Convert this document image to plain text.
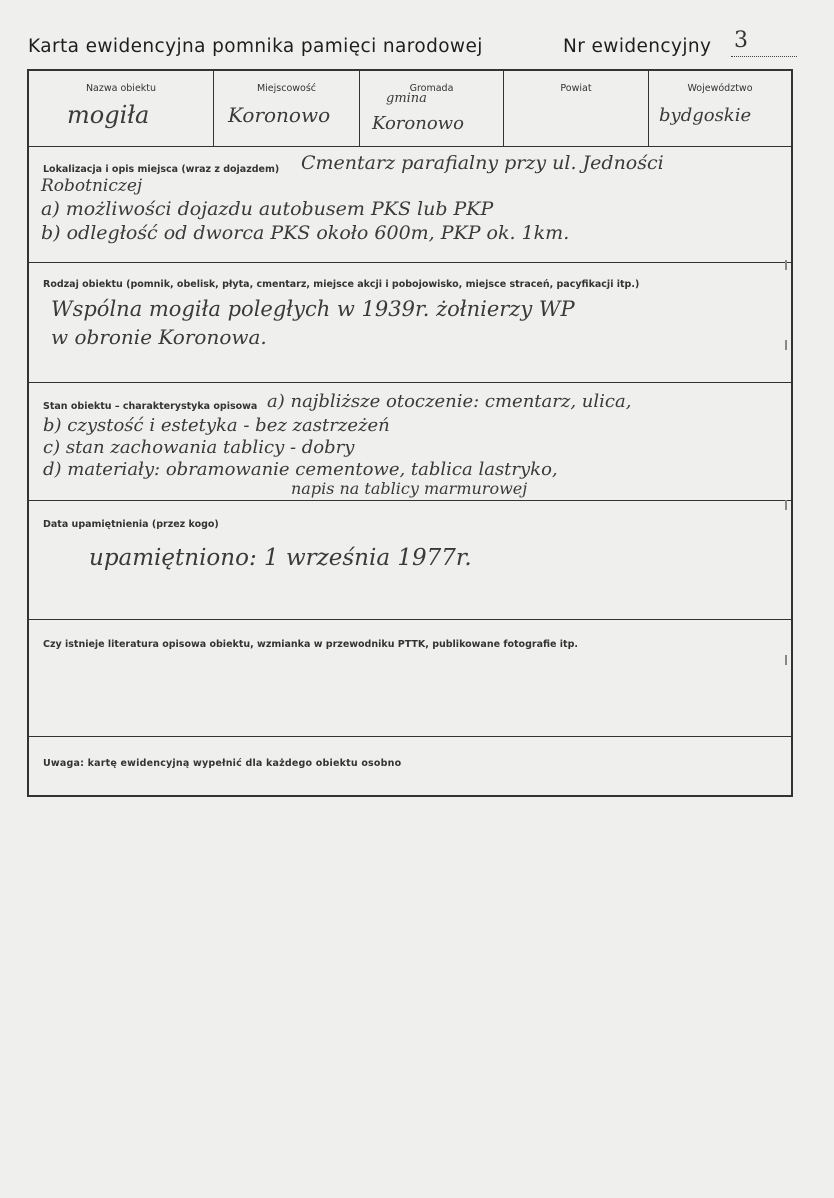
Karta ewidencyjna pomnika pamięci narodowej	Nr ewidencyjny 3
Nazwa obiektu
mogiła
Miejscowość
Koronowo
Gromada
gmina
Koronowo
Powiat	Województwo
bydgoskie
Lokalizacja i opis miejsca (wraz z dojazdem) Cmentarz parafialny przy ul. Jedności
Robotniczej
a) możliwości dojazdu autobusem PKS lub PKP
b) odległość od dworca PKS około 600m, PKP ok. 1km.
Rodzaj obiektu (pomnik, obelisk, płyta, cmentarz, miejsce akcji i pobojowisko, miejsce straceń, pacyfikacji itp.)
Wspólna mogiła poległych w 1939r. żołnierzy WP
w obronie Koronowa.
Stan obiektu – charakterystyka opisowa a) najbliższe otoczenie: cmentarz, ulica,
b) czystość i estetyka - bez zastrzeżeń
c) stan zachowania tablicy - dobry
d) materiały: obramowanie cementowe, tablica lastryko,
napis na tablicy marmurowej
Data upamiętnienia (przez kogo)
upamiętniono: 1 września 1977r.
Czy istnieje literatura opisowa obiektu, wzmianka w przewodniku PTTK, publikowane fotografie itp.
Uwaga: kartę ewidencyjną wypełnić dla każdego obiektu osobno
